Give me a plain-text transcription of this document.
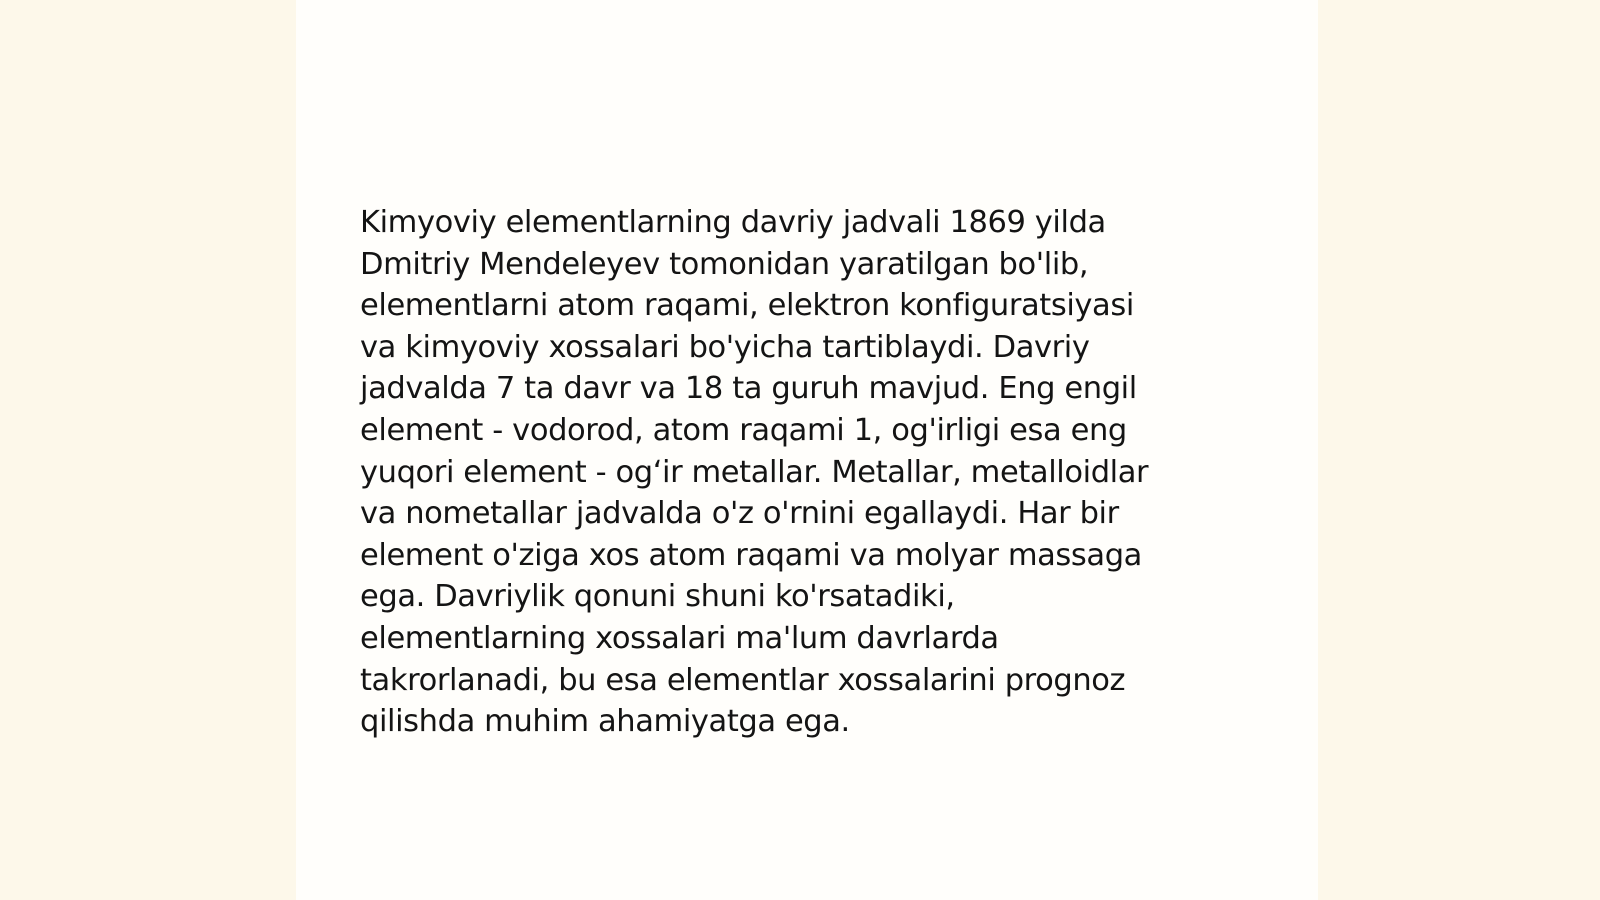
Kimyoviy elementlarning davriy jadvali 1869 yilda
Dmitriy Mendeleyev tomonidan yaratilgan bo'lib,
elementlarni atom raqami, elektron konfiguratsiyasi
va kimyoviy xossalari bo'yicha tartiblaydi. Davriy
jadvalda 7 ta davr va 18 ta guruh mavjud. Eng engil
element - vodorod, atom raqami 1, og'irligi esa eng
yuqori element - og‘ir metallar. Metallar, metalloidlar
va nometallar jadvalda o'z o'rnini egallaydi. Har bir
element o'ziga xos atom raqami va molyar massaga
ega. Davriylik qonuni shuni ko'rsatadiki,
elementlarning xossalari ma'lum davrlarda
takrorlanadi, bu esa elementlar xossalarini prognoz
qilishda muhim ahamiyatga ega.
